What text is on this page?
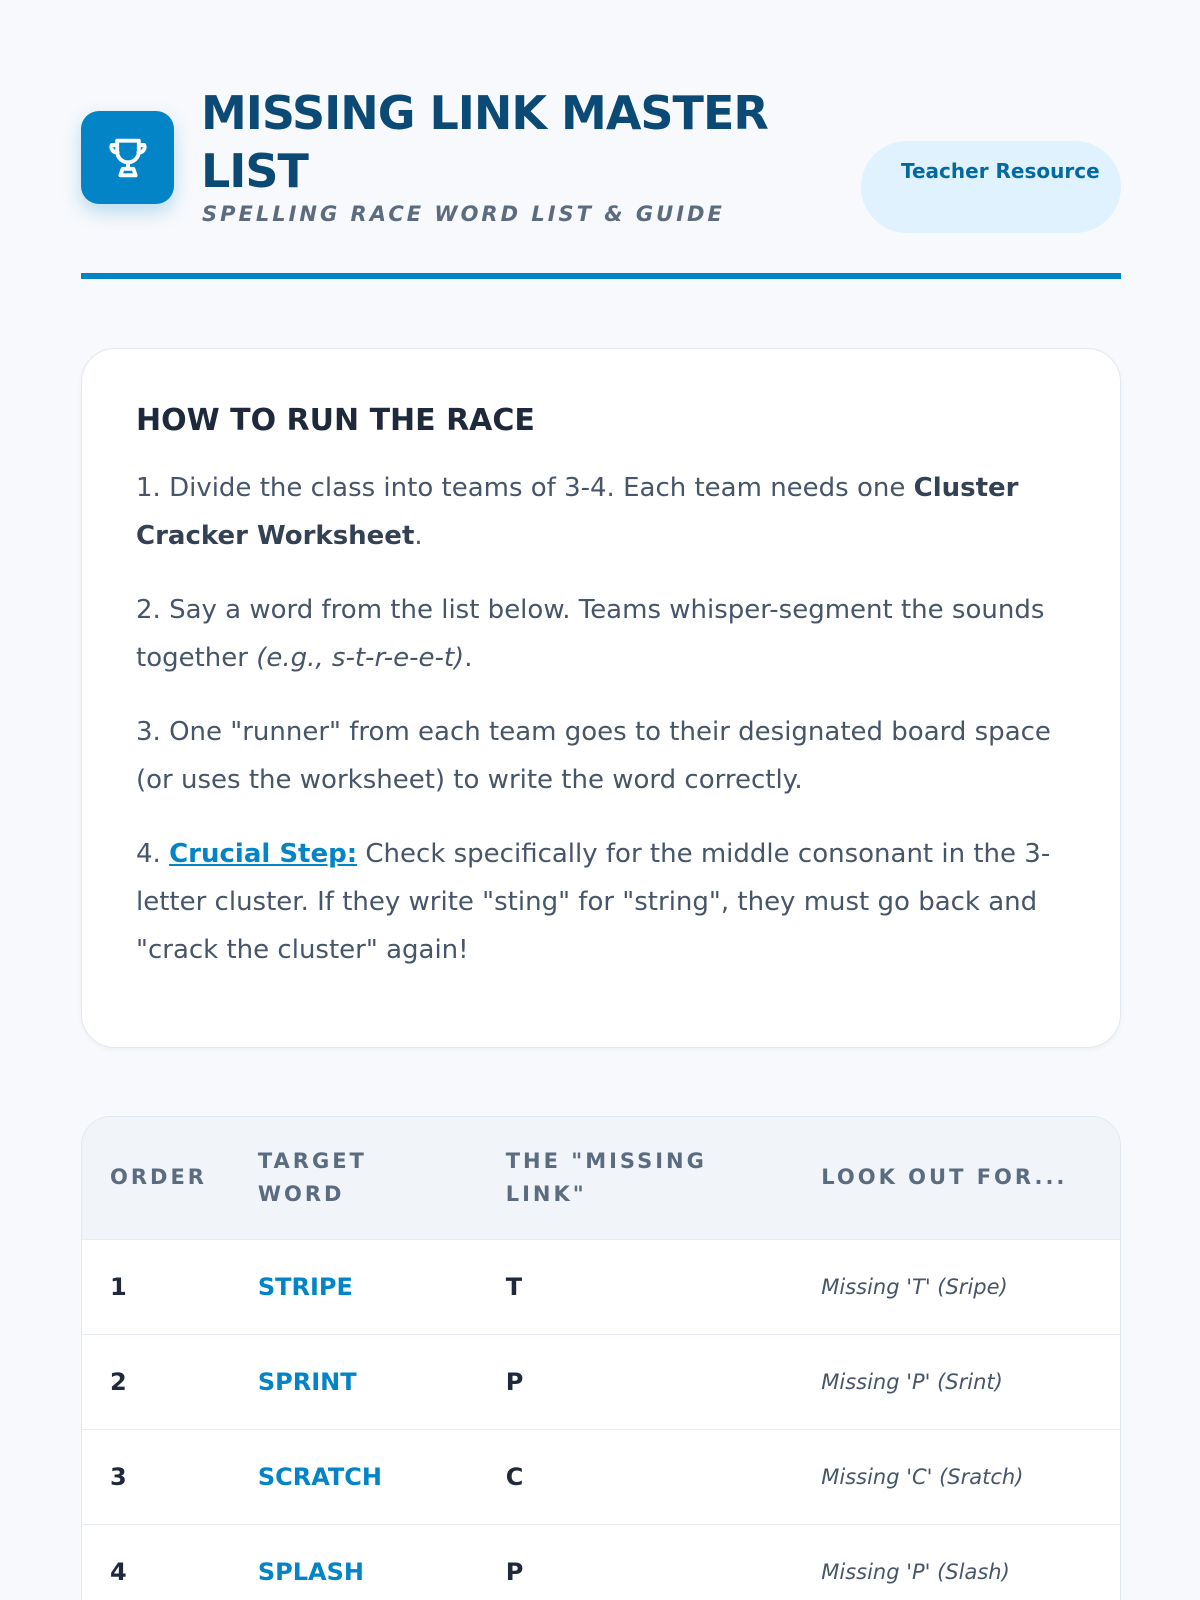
MISSING LINK MASTER LIST
SPELLING RACE WORD LIST & GUIDE
Teacher Resource
HOW TO RUN THE RACE

1. Divide the class into teams of 3-4. Each team needs one Cluster Cracker Worksheet.

2. Say a word from the list below. Teams whisper-segment the sounds together (e.g., s-t-r-e-e-t).

3. One "runner" from each team goes to their designated board space (or uses the worksheet) to write the word correctly.

4. Crucial Step: Check specifically for the middle consonant in the 3-letter cluster. If they write "sting" for "string", they must go back and "crack the cluster" again!

ORDER	TARGET WORD	THE "MISSING LINK"	LOOK OUT FOR...
1	STRIPE	T	Missing 'T' (Sripe)
2	SPRINT	P	Missing 'P' (Srint)
3	SCRATCH	C	Missing 'C' (Sratch)
4	SPLASH	P	Missing 'P' (Slash)
